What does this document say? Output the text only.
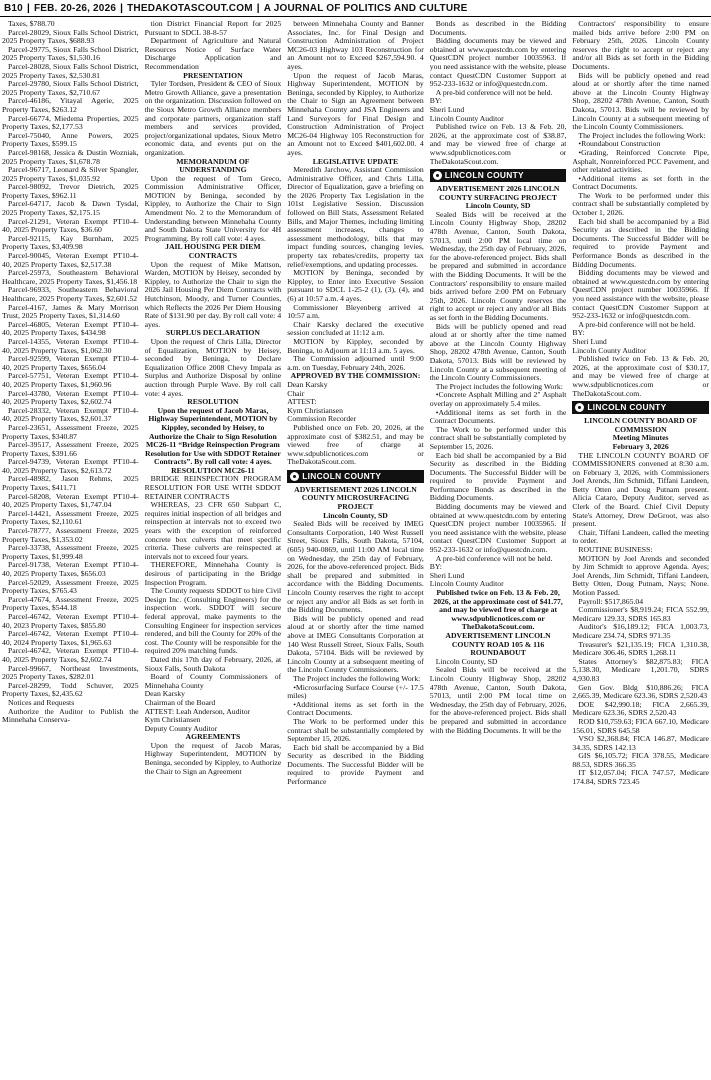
B10 | FEB. 20-26, 2026 | THEDAKOTASCOUT.COM | A JOURNAL OF POLITICS AND CULTURE

Taxes, $788.70

Parcel-28029, Sioux Falls School District, 2025 Property Taxes, $688.93

Parcel-29775, Sioux Falls School District, 2025 Property Taxes, $1,530.16

Parcel-28028, Sioux Falls School District, 2025 Property Taxes, $2,530.81

Parcel-29780, Sioux Falls School District, 2025 Property Taxes, $2,710.67

Parcel-46186, Yitayal Agerie, 2025 Property Taxes, $263.12

Parcel-66774, Miedema Properties, 2025 Property Taxes, $2,177.53

Parcel-75040, Anne Powers, 2025 Property Taxes, $599.15

Parcel-98168, Jessica & Dustin Wozniak, 2025 Property Taxes, $1,678.78

Parcel-96717, Leonard & Silver Spangler, 2025 Property Taxes, $1,035.92

Parcel-98092, Trevor Dietrich, 2025 Property Taxes, $962.11

Parcel-64717, Jacob & Dawn Tysdal, 2025 Property Taxes, $2,175.15

Parcel-21291, Veteran Exempt PT10-4-40, 2025 Property Taxes, $36.60

Parcel-92115, Kay Burnham, 2025 Property Taxes, $3,409.98

Parcel-90045, Veteran Exempt PT10-4-40, 2025 Property Taxes, $2,517.38

Parcel-25973, Southeastern Behavioral Healthcare, 2025 Property Taxes, $1,456.18

Parcel-96933, Southeastern Behavioral Healthcare, 2025 Property Taxes, $2,601.52

Parcel-4167, James & Mary Morrison Trust, 2025 Property Taxes, $1,314.60

Parcel-46805, Veteran Exempt PT10-4-40, 2025 Property Taxes, $434.98

Parcel-14355, Veteran Exempt PT10-4-40, 2025 Property Taxes, $1,062.30

Parcel-92599, Veteran Exempt PT10-4-40, 2025 Property Taxes, $656.04

Parcel-57751, Veteran Exempt PT10-4-40, 2025 Property Taxes, $1,960.96

Parcel-43780, Veteran Exempt PT10-4-40, 2025 Property Taxes, $2,602.74

Parcel-28332, Veteran Exempt PT10-4-40, 2025 Property Taxes, $2,601.37

Parcel-23651, Assessment Freeze, 2025 Property Taxes, $340.87

Parcel-39517, Assessment Freeze, 2025 Property Taxes, $391.66

Parcel-94739, Veteran Exempt PT10-4-40, 2025 Property Taxes, $2,613.72

Parcel-48982, Jason Rehms, 2025 Property Taxes, $411.71

Parcel-58208, Veteran Exempt PT10-4-40, 2025 Property Taxes, $1,747.04

Parcel-14421, Assessment Freeze, 2025 Property Taxes, $2,110.61

Parcel-78777, Assessment Freeze, 2025 Property Taxes, $1,353.02

Parcel-33738, Assessment Freeze, 2025 Property Taxes, $1,999.48

Parcel-91738, Veteran Exempt PT10-4-40, 2025 Property Taxes, $656.03

Parcel-52029, Assessment Freeze, 2025 Property Taxes, $765.43

Parcel-47674, Assessment Freeze, 2025 Property Taxes, $544.18

Parcel-46742, Veteran Exempt PT10-4-40, 2023 Property Taxes, $855.80

Parcel-46742, Veteran Exempt PT10-4-40, 2024 Property Taxes, $1,965.63

Parcel-46742, Veteran Exempt PT10-4-40, 2025 Property Taxes, $2,602.74

Parcel-99667, Northeast Investments, 2025 Property Taxes, $282.01

Parcel-28299, Todd Schuver, 2025 Property Taxes, $2,435.62

Notices and Requests

Authorize the Auditor to Publish the Minnehaha Conserva-

tion District Financial Report for 2025 Pursuant to SDCL 38-8-57

Department of Agriculture and Natural Resources Notice of Surface Water Discharge Application and Recommendation

PRESENTATION

Tyler Tordsen, President & CEO of Sioux Metro Growth Alliance, gave a presentation on the organization. Discussion followed on the Sioux Metro Growth Alliance members and corporate partners, organization staff members and services provided, project/organizational updates, Sioux Metro economic data, and events put on the organization.

MEMORANDUM OF UNDERSTANDING

Upon the request of Tom Greco, Commission Administrative Officer, MOTION by Beninga, seconded by Kippley, to Authorize the Chair to Sign Amendment No. 2 to the Memorandum of Understanding between Minnehaha County and South Dakota State University for 4H Programming. By roll call vote: 4 ayes.

JAIL HOUSING PER DIEM CONTRACTS

Upon the request of Mike Mattson, Warden, MOTION by Heisey, seconded by Kippley, to Authorize the Chair to sign the 2026 Jail Housing Per Diem Contracts with Hutchinson, Moody, and Turner Counties, which Reflects the 2026 Per Diem Housing Rate of $131.90 per day. By roll call vote: 4 ayes.

SURPLUS DECLARATION

Upon the request of Chris Lilla, Director of Equalization, MOTION by Heisey, seconded by Beninga, to Declare Equalization Office 2008 Chevy Impala as Surplus and Authorize Disposal by online auction through Purple Wave. By roll call vote: 4 ayes.

RESOLUTION

Upon the request of Jacob Maras, Highway Superintendent, MOTION by Kippley, seconded by Heisey, to Authorize the Chair to Sign Resolution MC26-11 “Bridge Reinspection Program Resolution for Use with SDDOT Retainer Contracts”. By roll call vote: 4 ayes.

RESOLUTION MC26-11

BRIDGE REINSPECTION PROGRAM RESOLUTION FOR USE WITH SDDOT RETAINER CONTRACTS

WHEREAS, 23 CFR 650 Subpart C, requires initial inspection of all bridges and reinspection at intervals not to exceed two years with the exception of reinforced concrete box culverts that meet specific criteria. These culverts are reinspected at intervals not to exceed four years.

THEREFORE, Minnehaha County is desirous of participating in the Bridge Inspection Program.

The County requests SDDOT to hire Civil Design Inc. (Consulting Engineers) for the inspection work. SDDOT will secure federal approval, make payments to the Consulting Engineer for inspection services rendered, and bill the County for 20% of the cost. The County will be responsible for the required 20% matching funds.

Dated this 17th day of February, 2026, at Sioux Falls, South Dakota

Board of County Commissioners of Minnehaha County

Dean Karsky

Chairman of the Board

ATTEST: Leah Anderson, Auditor

Kym Christiansen

Deputy County Auditor

AGREEMENTS

Upon the request of Jacob Maras, Highway Superintendent, MOTION by Beninga, seconded by Kippley, to Authorize the Chair to Sign an Agreement

between Minnehaha County and Banner Associates, Inc. for Final Design and Construction Administration of Project MC26-03 Highway 103 Reconstruction for an Amount not to Exceed $267,594.90. 4 ayes.

Upon the request of Jacob Maras, Highway Superintendent, MOTION by Beninga, seconded by Kippley, to Authorize the Chair to Sign an Agreement between Minnehaha County and JSA Engineers and Land Surveyors for Final Design and Construction Administration of Project MC26-04 Highway 105 Reconstruction for an Amount not to Exceed $401,602.00. 4 ayes.

LEGISLATIVE UPDATE

Meredith Jarchow, Assistant Commission Administrative Officer, and Chris Lilla, Director of Equalization, gave a briefing on the 2026 Property Tax Legislation in the 101st Legislative Session. Discussion followed on Bill Stats, Assessment Related Bills, and Major Themes, including limiting assessment increases, changes to assessment methodology, bills that may impact funding sources, changing levies, property tax rebates/credits, property tax relief/exemptions, and updating processes.

MOTION by Beninga, seconded by Kippley, to Enter into Executive Session pursuant to SDCL 1-25-2 (1), (3), (4), and (6) at 10:57 a.m. 4 ayes.

Commissioner Bleyenberg arrived at 10:57 a.m.

Chair Karsky declared the executive session concluded at 11:12 a.m.

MOTION by Kippley, seconded by Beninga, to Adjourn at 11:13 a.m. 5 ayes.

The Commission adjourned until 9:00 a.m. on Tuesday, February 24th, 2026.

APPROVED BY THE COMMISSION:

Dean Karsky

Chair

ATTEST:

Kym Christiansen

Commission Recorder

Published once on Feb. 20, 2026, at the approximate cost of $382.51, and may be viewed free of charge at www.sdpublicnotices.com or TheDakotaScout.com.

LINCOLN COUNTY

ADVERTISEMENT 2026 LINCOLN COUNTY MICROSURFACING PROJECT

Lincoln County, SD

Sealed Bids will be received by IMEG Consultants Corporation, 140 West Russell Street, Sioux Falls, South Dakota, 57104, (605) 940-0869, until 11:00 AM local time on Wednesday, the 25th day of February, 2026, for the above-referenced project. Bids shall be prepared and submitted in accordance with the Bidding Documents. Lincoln County reserves the right to accept or reject any and/or all Bids as set forth in the Bidding Documents.

Bids will be publicly opened and read aloud at or shortly after the time named above at IMEG Consultants Corporation at 140 West Russell Street, Sioux Falls, South Dakota, 57104. Bids will be reviewed by Lincoln County at a subsequent meeting of the Lincoln County Commissioners.

The Project includes the following Work:

•Microsurfacing Surface Course (+/- 17.5 miles)

•Additional items as set forth in the Contract Documents.

The Work to be performed under this contract shall be substantially completed by September 15, 2026.

Each bid shall be accompanied by a Bid Security as described in the Bidding Documents. The Successful Bidder will be required to provide Payment and Performance

Bonds as described in the Bidding Documents.

Bidding documents may be viewed and obtained at www.questcdn.com by entering QuestCDN project number 10035963. If you need assistance with the website, please contact QuestCDN Customer Support at 952-233-1632 or info@questcdn.com.

A pre-bid conference will not be held.

BY:

Sheri Lund

Lincoln County Auditor

Published twice on Feb. 13 & Feb. 20, 2026, at the approximate cost of $38.87, and may be viewed free of charge at www.sdpublicnotices.com or TheDakotaScout.com.

LINCOLN COUNTY

ADVERTISEMENT 2026 LINCOLN COUNTY SURFACING PROJECT

Lincoln County, SD

Sealed Bids will be received at the Lincoln County Highway Shop, 28202 478th Avenue, Canton, South Dakota, 57013, until 2:00 PM local time on Wednesday, the 25th day of February, 2026, for the above-referenced project. Bids shall be prepared and submitted in accordance with the Bidding Documents. It will be the Contractors' responsibility to ensure mailed bids arrived before 2:00 PM on February 25th, 2026. Lincoln County reserves the right to accept or reject any and/or all Bids as set forth in the Bidding Documents.

Bids will be publicly opened and read aloud at or shortly after the time named above at the Lincoln County Highway Shop, 28202 478th Avenue, Canton, South Dakota, 57013. Bids will be reviewed by Lincoln County at a subsequent meeting of the Lincoln County Commissioners.

The Project includes the following Work:

•Concrete Asphalt Milling and 2" Asphalt overlay on approximately 5.4 miles.

•Additional items as set forth in the Contract Documents.

The Work to be performed under this contract shall be substantially completed by September 15, 2026.

Each bid shall be accompanied by a Bid Security as described in the Bidding Documents. The Successful Bidder will be required to provide Payment and Performance Bonds as described in the Bidding Documents.

Bidding documents may be viewed and obtained at www.questcdn.com by entering QuestCDN project number 10035965. If you need assistance with the website, please contact QuestCDN Customer Support at 952-233-1632 or info@questcdn.com.

A pre-bid conference will not be held.

BY:

Sheri Lund

Lincoln County Auditor

Published twice on Feb. 13 & Feb. 20, 2026, at the approximate cost of $41.77, and may be viewed free of charge at www.sdpublicnotices.com or TheDakotaScout.com.

ADVERTISEMENT LINCOLN COUNTY ROAD 105 & 116 ROUNDABOUT

Lincoln County, SD

Sealed Bids will be received at the Lincoln County Highway Shop, 28202 478th Avenue, Canton, South Dakota, 57013, until 2:00 PM local time on Wednesday, the 25th day of February, 2026, for the above-referenced project. Bids shall be prepared and submitted in accordance with the Bidding Documents. It will be the

Contractors' responsibility to ensure mailed bids arrive before 2:00 PM on February 25th, 2026. Lincoln County reserves the right to accept or reject any and/or all Bids as set forth in the Bidding Documents.

Bids will be publicly opened and read aloud at or shortly after the time named above at the Lincoln County Highway Shop, 28202 478th Avenue, Canton, South Dakota, 57013. Bids will be reviewed by Lincoln County at a subsequent meeting of the Lincoln County Commissioners.

The Project includes the following Work:

•Roundabout Construction

•Grading, Reinforced Concrete Pipe, Asphalt, Nonreinforced PCC Pavement, and other related activities.

•Additional items as set forth in the Contract Documents.

The Work to be performed under this contract shall be substantially completed by October 1, 2026.

Each bid shall be accompanied by a Bid Security as described in the Bidding Documents. The Successful Bidder will be required to provide Payment and Performance Bonds as described in the Bidding Documents.

Bidding documents may be viewed and obtained at www.questcdn.com by entering QuestCDN project number 10035966. If you need assistance with the website, please contact QuestCDN Customer Support at 952-233-1632 or info@questcdn.com.

A pre-bid conference will not be held.

BY:

Sheri Lund

Lincoln County Auditor

Published twice on Feb. 13 & Feb. 20, 2026, at the approximate cost of $30.17, and may be viewed free of charge at www.sdpublicnotices.com or TheDakotaScout.com.

LINCOLN COUNTY

LINCOLN COUNTY BOARD OF COMMISSION

Meeting Minutes

February 3, 2026

THE LINCOLN COUNTY BOARD OF COMMISSIONERS convened at 8:30 a.m. on February 3, 2026, with Commissioners Joel Arends, Jim Schmidt, Tiffani Landeen, Betty Otten and Doug Putnam present. Alicia Cataro, Deputy Auditor, served as Clerk of the Board. Chief Civil Deputy State's Attorney, Drew DeGroot, was also present.

Chair, Tiffani Landeen, called the meeting to order.

ROUTINE BUSINESS:

MOTION by Joel Arends and seconded by Jim Schmidt to approve Agenda. Ayes; Joel Arends, Jim Schmidt, Tiffani Landeen, Betty Otten, Doug Putnam, Nays; None. Motion Passed.

Payroll: $517,865.04

Commissioner's $8,919.24; FICA 552.99, Medicare 129.33, SDRS 165.83

Auditor's $16,189.12; FICA 1,003.73, Medicare 234.74, SDRS 971.35

Treasurer's $21,135.19; FICA 1,310.38, Medicare 306.46, SDRS 1,268.11

States Attorney's $82,875.83; FICA 5,138.30, Medicare 1,201.70, SDRS 4,930.83

Gen Gov. Bldg $10,886.26; FICA 2,665.39, Medicare 623.36, SDRS 2,520.43

DOE $42,990.18; FICA 2,665.39, Medicare 623.36, SDRS 2,520.43

ROD $10,759.63; FICA 667.10, Medicare 156.01, SDRS 645.58

VSO $2,368.84; FICA 146.87, Medicare 34.35, SDRS 142.13

GIS $6,105.72; FICA 378.55, Medicare 88.53, SDRS 366.35

IT $12,057.04; FICA 747.57, Medicare 174.84, SDRS 723.45
